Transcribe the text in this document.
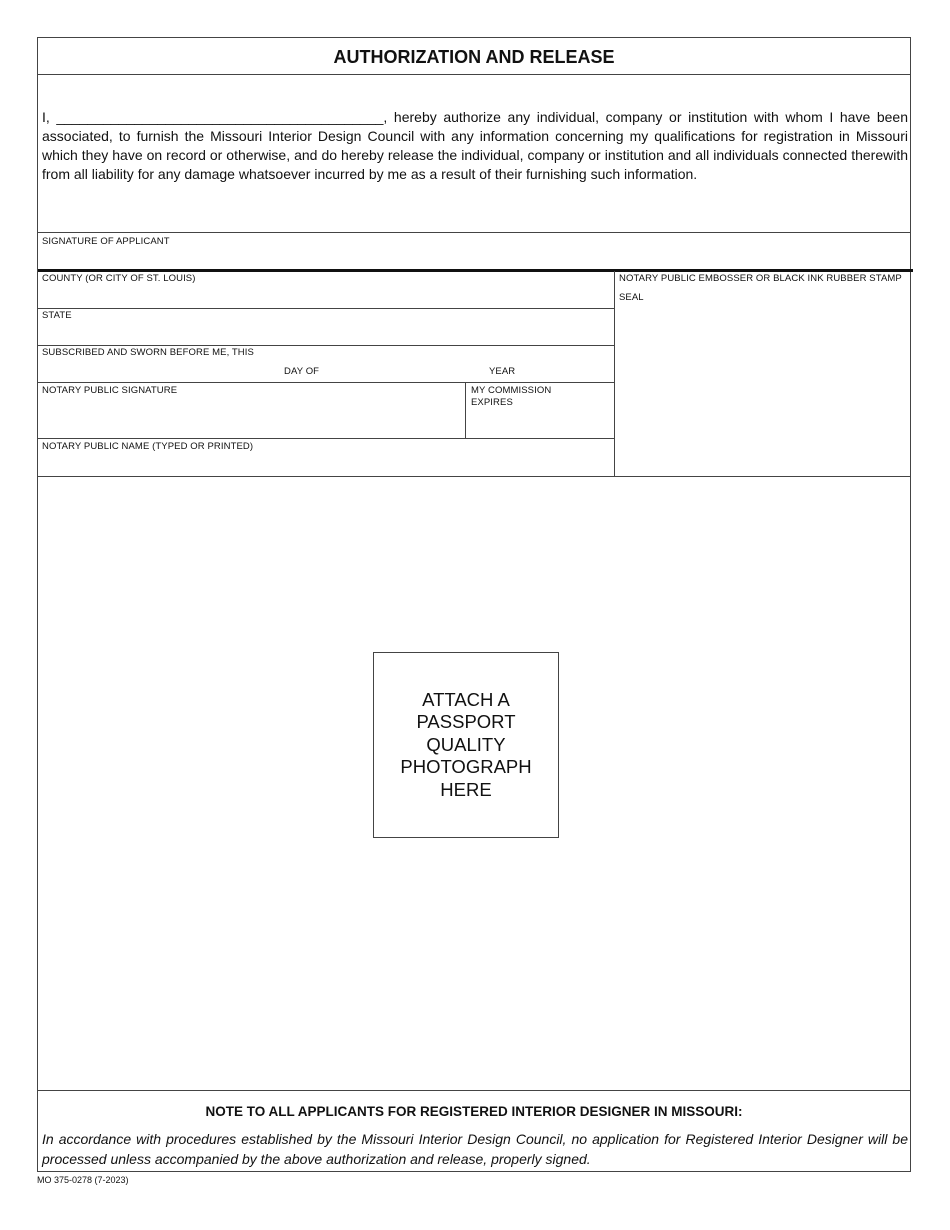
AUTHORIZATION AND RELEASE
I, __________________________________________, hereby authorize any individual, company or institution with whom I have been associated, to furnish the Missouri Interior Design Council with any information concerning my qualifications for registration in Missouri which they have on record or otherwise, and do hereby release the individual, company or institution and all individuals connected therewith from all liability for any damage whatsoever incurred by me as a result of their furnishing such information.
SIGNATURE OF APPLICANT
COUNTY (OR CITY OF ST. LOUIS)
STATE
SUBSCRIBED AND SWORN BEFORE ME, THIS
DAY OF	YEAR
NOTARY PUBLIC SIGNATURE	MY COMMISSION EXPIRES
NOTARY PUBLIC NAME (TYPED OR PRINTED)
NOTARY PUBLIC EMBOSSER OR BLACK INK RUBBER STAMP
SEAL
ATTACH A PASSPORT QUALITY PHOTOGRAPH HERE
NOTE TO ALL APPLICANTS FOR REGISTERED INTERIOR DESIGNER IN MISSOURI:
In accordance with procedures established by the Missouri Interior Design Council, no application for Registered Interior Designer will be processed unless accompanied by the above authorization and release, properly signed.
MO 375-0278 (7-2023)
